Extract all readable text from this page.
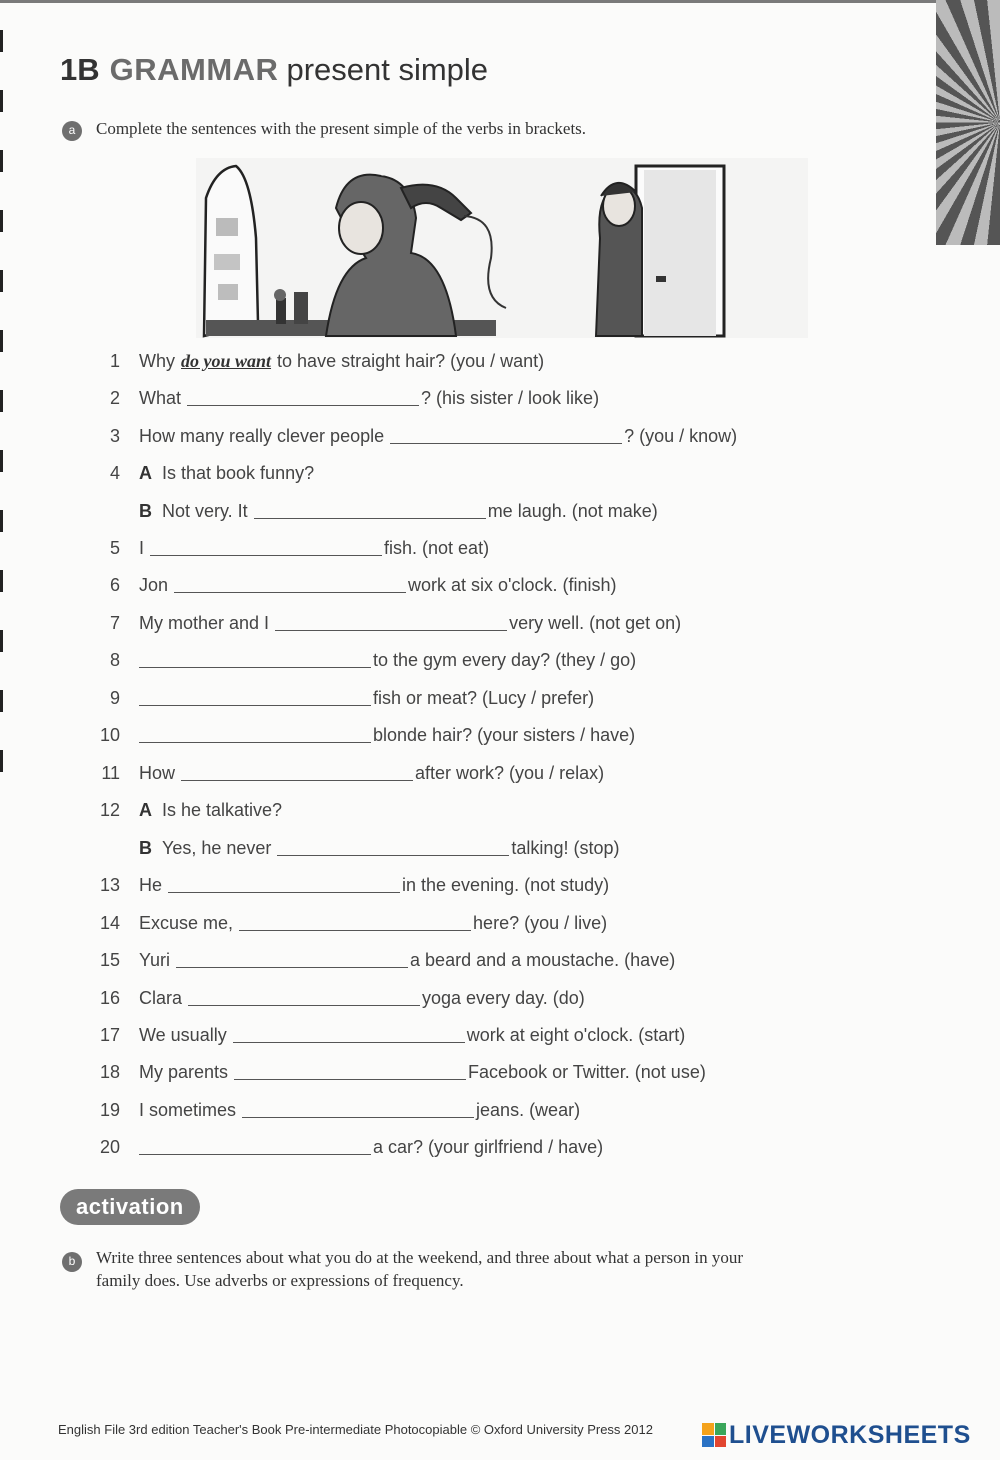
1B GRAMMAR present simple
a	Complete the sentences with the present simple of the verbs in brackets.
1 Why do you want to have straight hair? (you / want)
2 What	? (his sister / look like)
3 How many really clever people	? (you / know)
4 A Is that book funny?
B Not very. It	me laugh. (not make)
5 I	fish. (not eat)
6 Jon	work at six o'clock. (finish)
7 My mother and I	very well. (not get on)
8	to the gym every day? (they / go)
9	fish or meat? (Lucy / prefer)
10	blonde hair? (your sisters / have)
11 How	after work? (you / relax)
12 A Is he talkative?
B Yes, he never	talking! (stop)
13 He	in the evening. (not study)
14 Excuse me,	here? (you / live)
15 Yuri	a beard and a moustache. (have)
16 Clara	yoga every day. (do)
17 We usually	work at eight o'clock. (start)
18 My parents	Facebook or Twitter. (not use)
19 I sometimes	jeans. (wear)
20	a car? (your girlfriend / have)
activation
b	Write three sentences about what you do at the weekend, and three about what a person in your
family does. Use adverbs or expressions of frequency.
English File 3rd edition Teacher's Book Pre-intermediate Photocopiable © Oxford University Press 2012	LIVEWORKSHEETS
